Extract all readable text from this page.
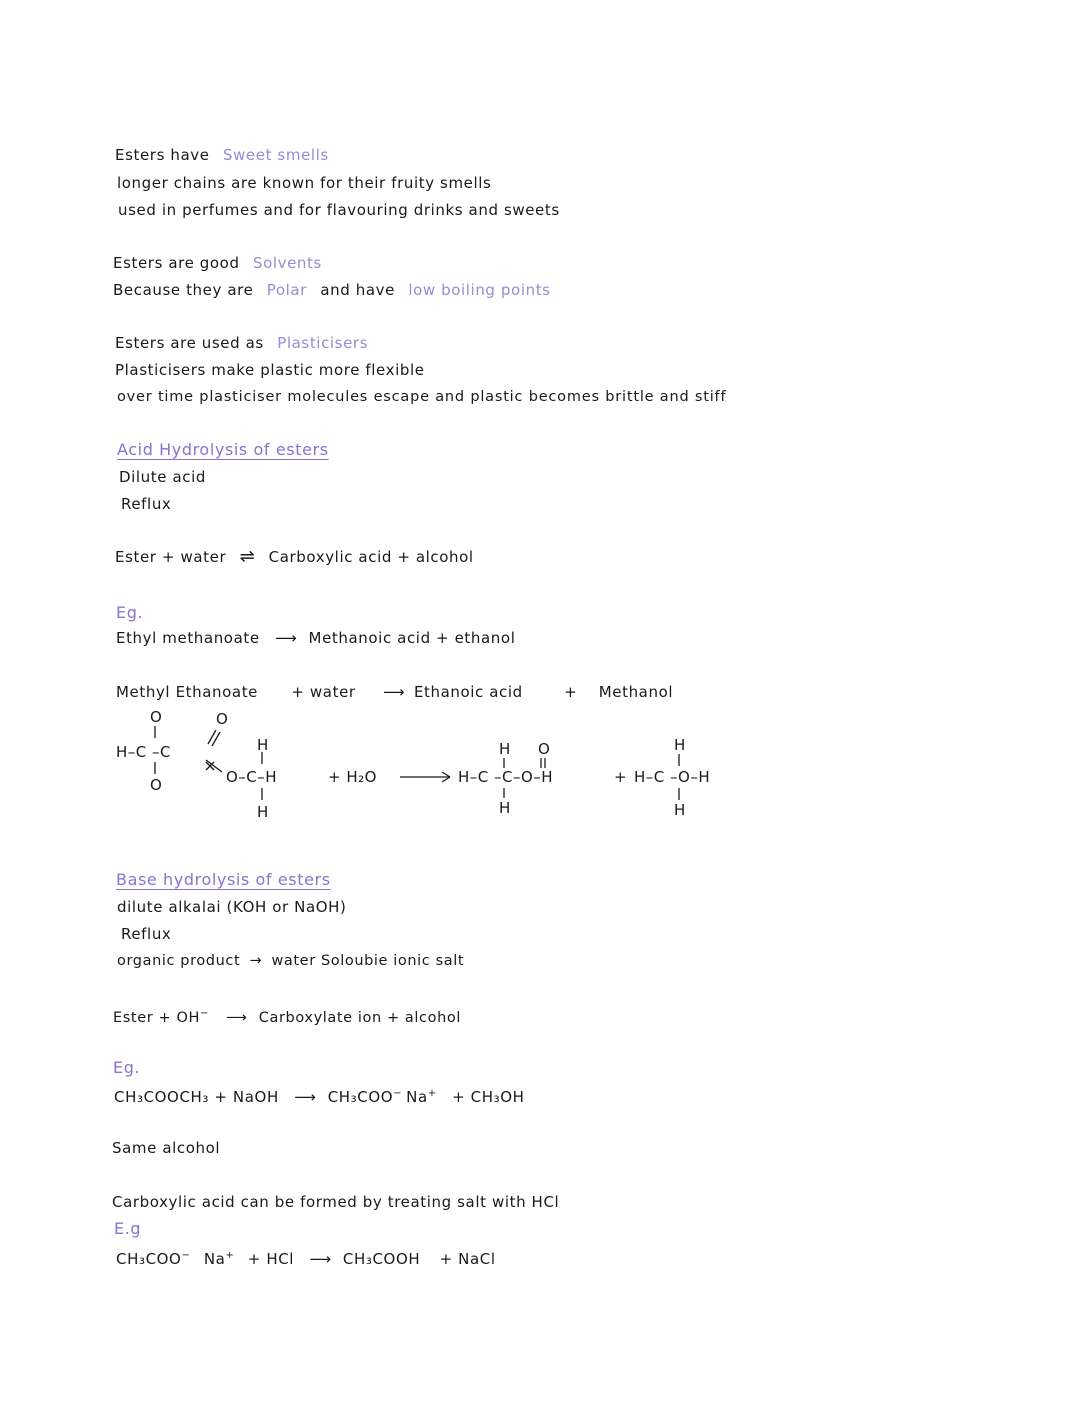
Esters have Sweet smells
longer chains are known for their fruity smells
used in perfumes and for flavouring drinks and sweets
Esters are good Solvents
Because they are Polar and have low boiling points
Esters are used as Plasticisers
Plasticisers make plastic more flexible
over time plasticiser molecules escape and plastic becomes brittle and stiff
Acid Hydrolysis of esters
Dilute acid
Reflux
Ester + water ⇌ Carboxylic acid + alcohol
Eg.
Ethyl methanoate ⟶ Methanoic acid + ethanol
Methyl Ethanoate + water ⟶ Ethanoic acid	+ Methanol
O	O
H–C –C
O
H
O–C–H
H
+ H₂O
H O
H–C –C–O–H
H
+
H
H–C –O–H
H
Base hydrolysis of esters
dilute alkalai (KOH or NaOH)
Reflux
organic product → water Soloubie ionic salt
Ester + OH− ⟶ Carboxylate ion + alcohol
Eg.
CH₃COOCH₃ + NaOH ⟶ CH₃COO− Na+ + CH₃OH
Same alcohol
Carboxylic acid can be formed by treating salt with HCl
E.g
CH₃COO− Na+ + HCl ⟶ CH₃COOH + NaCl
